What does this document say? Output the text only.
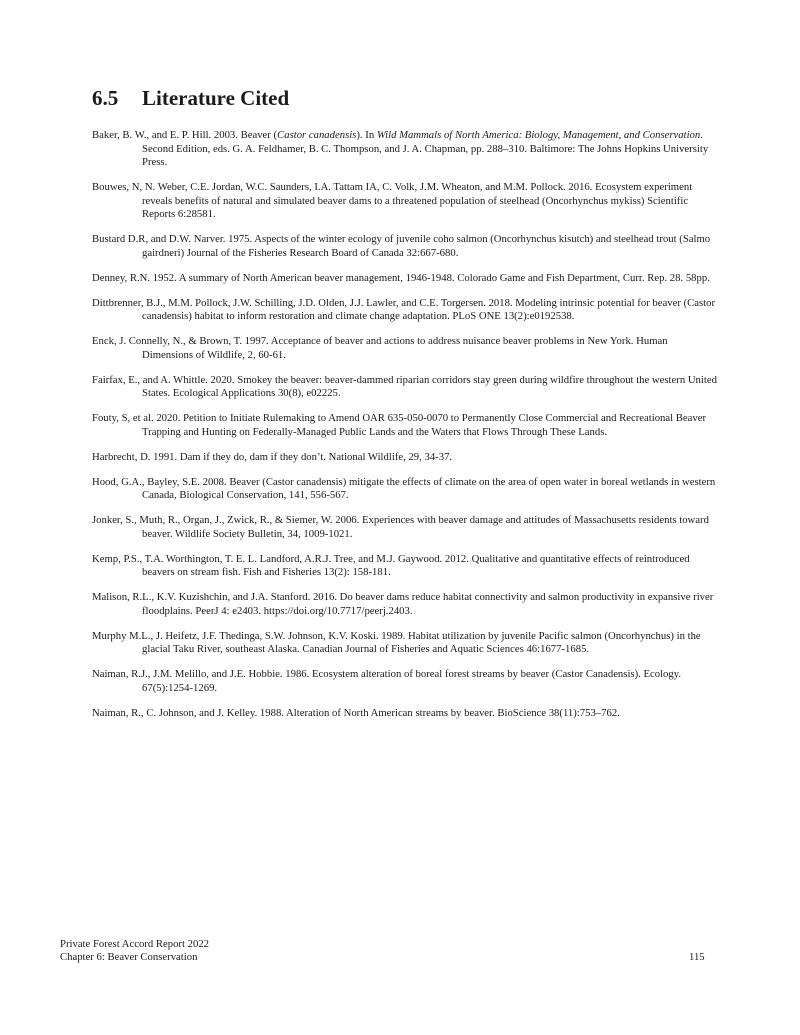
6.5 Literature Cited

Baker, B. W., and E. P. Hill. 2003. Beaver (Castor canadensis). In Wild Mammals of North America: Biology, Management, and Conservation. Second Edition, eds. G. A. Feldhamer, B. C. Thompson, and J. A. Chapman, pp. 288–310. Baltimore: The Johns Hopkins University Press.

Bouwes, N, N. Weber, C.E. Jordan, W.C. Saunders, I.A. Tattam IA, C. Volk, J.M. Wheaton, and M.M. Pollock. 2016. Ecosystem experiment reveals benefits of natural and simulated beaver dams to a threatened population of steelhead (Oncorhynchus mykiss) Scientific Reports 6:28581.

Bustard D.R, and D.W. Narver. 1975. Aspects of the winter ecology of juvenile coho salmon (Oncorhynchus kisutch) and steelhead trout (Salmo gairdneri) Journal of the Fisheries Research Board of Canada 32:667-680.

Denney, R.N. 1952. A summary of North American beaver management, 1946-1948. Colorado Game and Fish Department, Curr. Rep. 28. 58pp.

Dittbrenner, B.J., M.M. Pollock, J.W. Schilling, J.D. Olden, J.J. Lawler, and C.E. Torgersen. 2018. Modeling intrinsic potential for beaver (Castor canadensis) habitat to inform restoration and climate change adaptation. PLoS ONE 13(2):e0192538.

Enck, J. Connelly, N., & Brown, T. 1997. Acceptance of beaver and actions to address nuisance beaver problems in New York. Human Dimensions of Wildlife, 2, 60-61.

Fairfax, E., and A. Whittle. 2020. Smokey the beaver: beaver-dammed riparian corridors stay green during wildfire throughout the western United States. Ecological Applications 30(8), e02225.

Fouty, S, et al. 2020. Petition to Initiate Rulemaking to Amend OAR 635-050-0070 to Permanently Close Commercial and Recreational Beaver Trapping and Hunting on Federally-Managed Public Lands and the Waters that Flows Through These Lands.

Harbrecht, D. 1991. Dam if they do, dam if they don’t. National Wildlife, 29, 34-37.

Hood, G.A., Bayley, S.E. 2008. Beaver (Castor canadensis) mitigate the effects of climate on the area of open water in boreal wetlands in western Canada, Biological Conservation, 141, 556-567.

Jonker, S., Muth, R., Organ, J., Zwick, R., & Siemer, W. 2006. Experiences with beaver damage and attitudes of Massachusetts residents toward beaver. Wildlife Society Bulletin, 34, 1009-1021.

Kemp, P.S., T.A. Worthington, T. E. L. Landford, A.R.J. Tree, and M.J. Gaywood. 2012. Qualitative and quantitative effects of reintroduced beavers on stream fish. Fish and Fisheries 13(2): 158-181.

Malison, R.L., K.V. Kuzishchin, and J.A. Stanford. 2016. Do beaver dams reduce habitat connectivity and salmon productivity in expansive river floodplains. PeerJ 4: e2403. https://doi.org/10.7717/peerj.2403.

Murphy M.L., J. Heifetz, J.F. Thedinga, S.W. Johnson, K.V. Koski. 1989. Habitat utilization by juvenile Pacific salmon (Oncorhynchus) in the glacial Taku River, southeast Alaska. Canadian Journal of Fisheries and Aquatic Sciences 46:1677-1685.

Naiman, R.J., J.M. Melillo, and J.E. Hobbie. 1986. Ecosystem alteration of boreal forest streams by beaver (Castor Canadensis). Ecology. 67(5):1254-1269.

Naiman, R., C. Johnson, and J. Kelley. 1988. Alteration of North American streams by beaver. BioScience 38(11):753–762.

Private Forest Accord Report 2022
Chapter 6: Beaver Conservation	115
